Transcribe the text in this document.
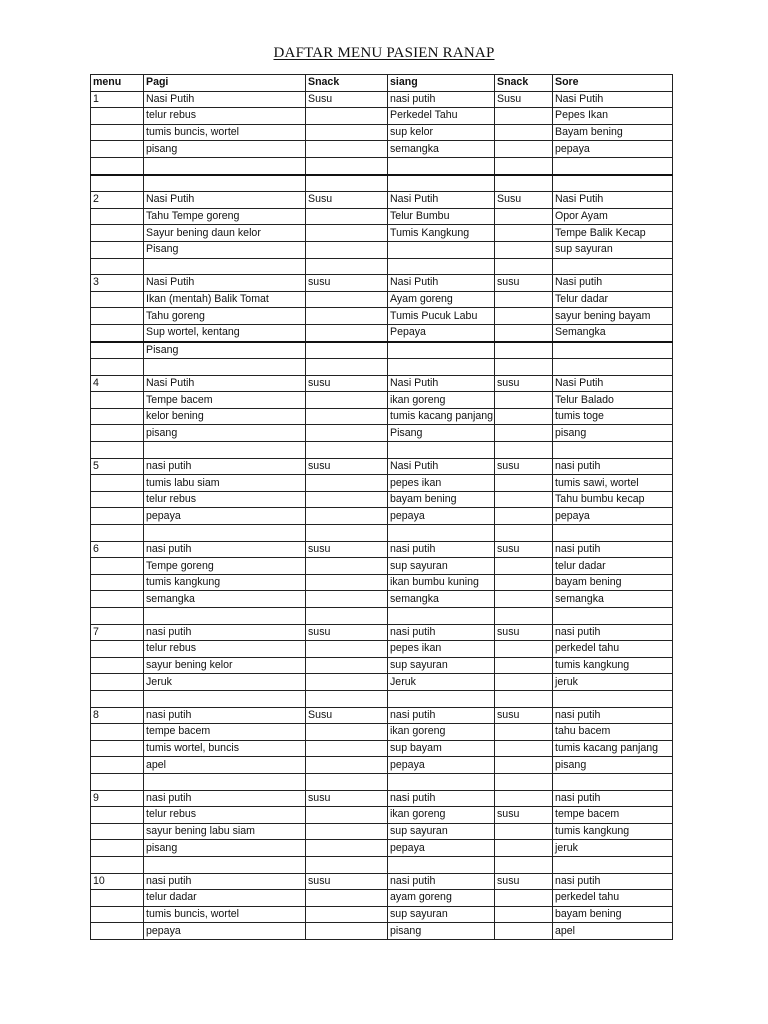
DAFTAR MENU PASIEN RANAP
menu	Pagi	Snack	siang	Snack	Sore
1	Nasi Putih	Susu	nasi putih	Susu	Nasi Putih
	telur rebus		Perkedel Tahu		Pepes Ikan
	tumis buncis, wortel		sup kelor		Bayam bening
	pisang		semangka		pepaya

2	Nasi Putih	Susu	Nasi Putih	Susu	Nasi Putih
	Tahu Tempe goreng		Telur Bumbu		Opor Ayam
	Sayur bening daun kelor		Tumis Kangkung		Tempe Balik Kecap
	Pisang				sup sayuran

3	Nasi Putih	susu	Nasi Putih	susu	Nasi putih
	Ikan (mentah) Balik Tomat		Ayam goreng		Telur dadar
	Tahu goreng		Tumis Pucuk Labu		sayur bening bayam
	Sup wortel, kentang		Pepaya		Semangka
	Pisang				

4	Nasi Putih	susu	Nasi Putih	susu	Nasi Putih
	Tempe bacem		ikan goreng		Telur Balado
	kelor bening		tumis kacang panjang		tumis toge
	pisang		Pisang		pisang

5	nasi putih	susu	Nasi Putih	susu	nasi putih
	tumis labu siam		pepes ikan		tumis sawi, wortel
	telur rebus		bayam bening		Tahu bumbu kecap
	pepaya		pepaya		pepaya

6	nasi putih	susu	nasi putih	susu	nasi putih
	Tempe goreng		sup sayuran		telur dadar
	tumis kangkung		ikan bumbu kuning		bayam bening
	semangka		semangka		semangka

7	nasi putih	susu	nasi putih	susu	nasi putih
	telur rebus		pepes ikan		perkedel tahu
	sayur bening kelor		sup sayuran		tumis kangkung
	Jeruk		Jeruk		jeruk

8	nasi putih	Susu	nasi putih	susu	nasi putih
	tempe bacem		ikan goreng		tahu bacem
	tumis wortel, buncis		sup bayam		tumis kacang panjang
	apel		pepaya		pisang

9	nasi putih	susu	nasi putih		nasi putih
	telur rebus		ikan goreng	susu	tempe bacem
	sayur bening labu siam		sup sayuran		tumis kangkung
	pisang		pepaya		jeruk

10	nasi putih	susu	nasi putih	susu	nasi putih
	telur dadar		ayam goreng		perkedel tahu
	tumis buncis, wortel		sup sayuran		bayam bening
	pepaya		pisang		apel
